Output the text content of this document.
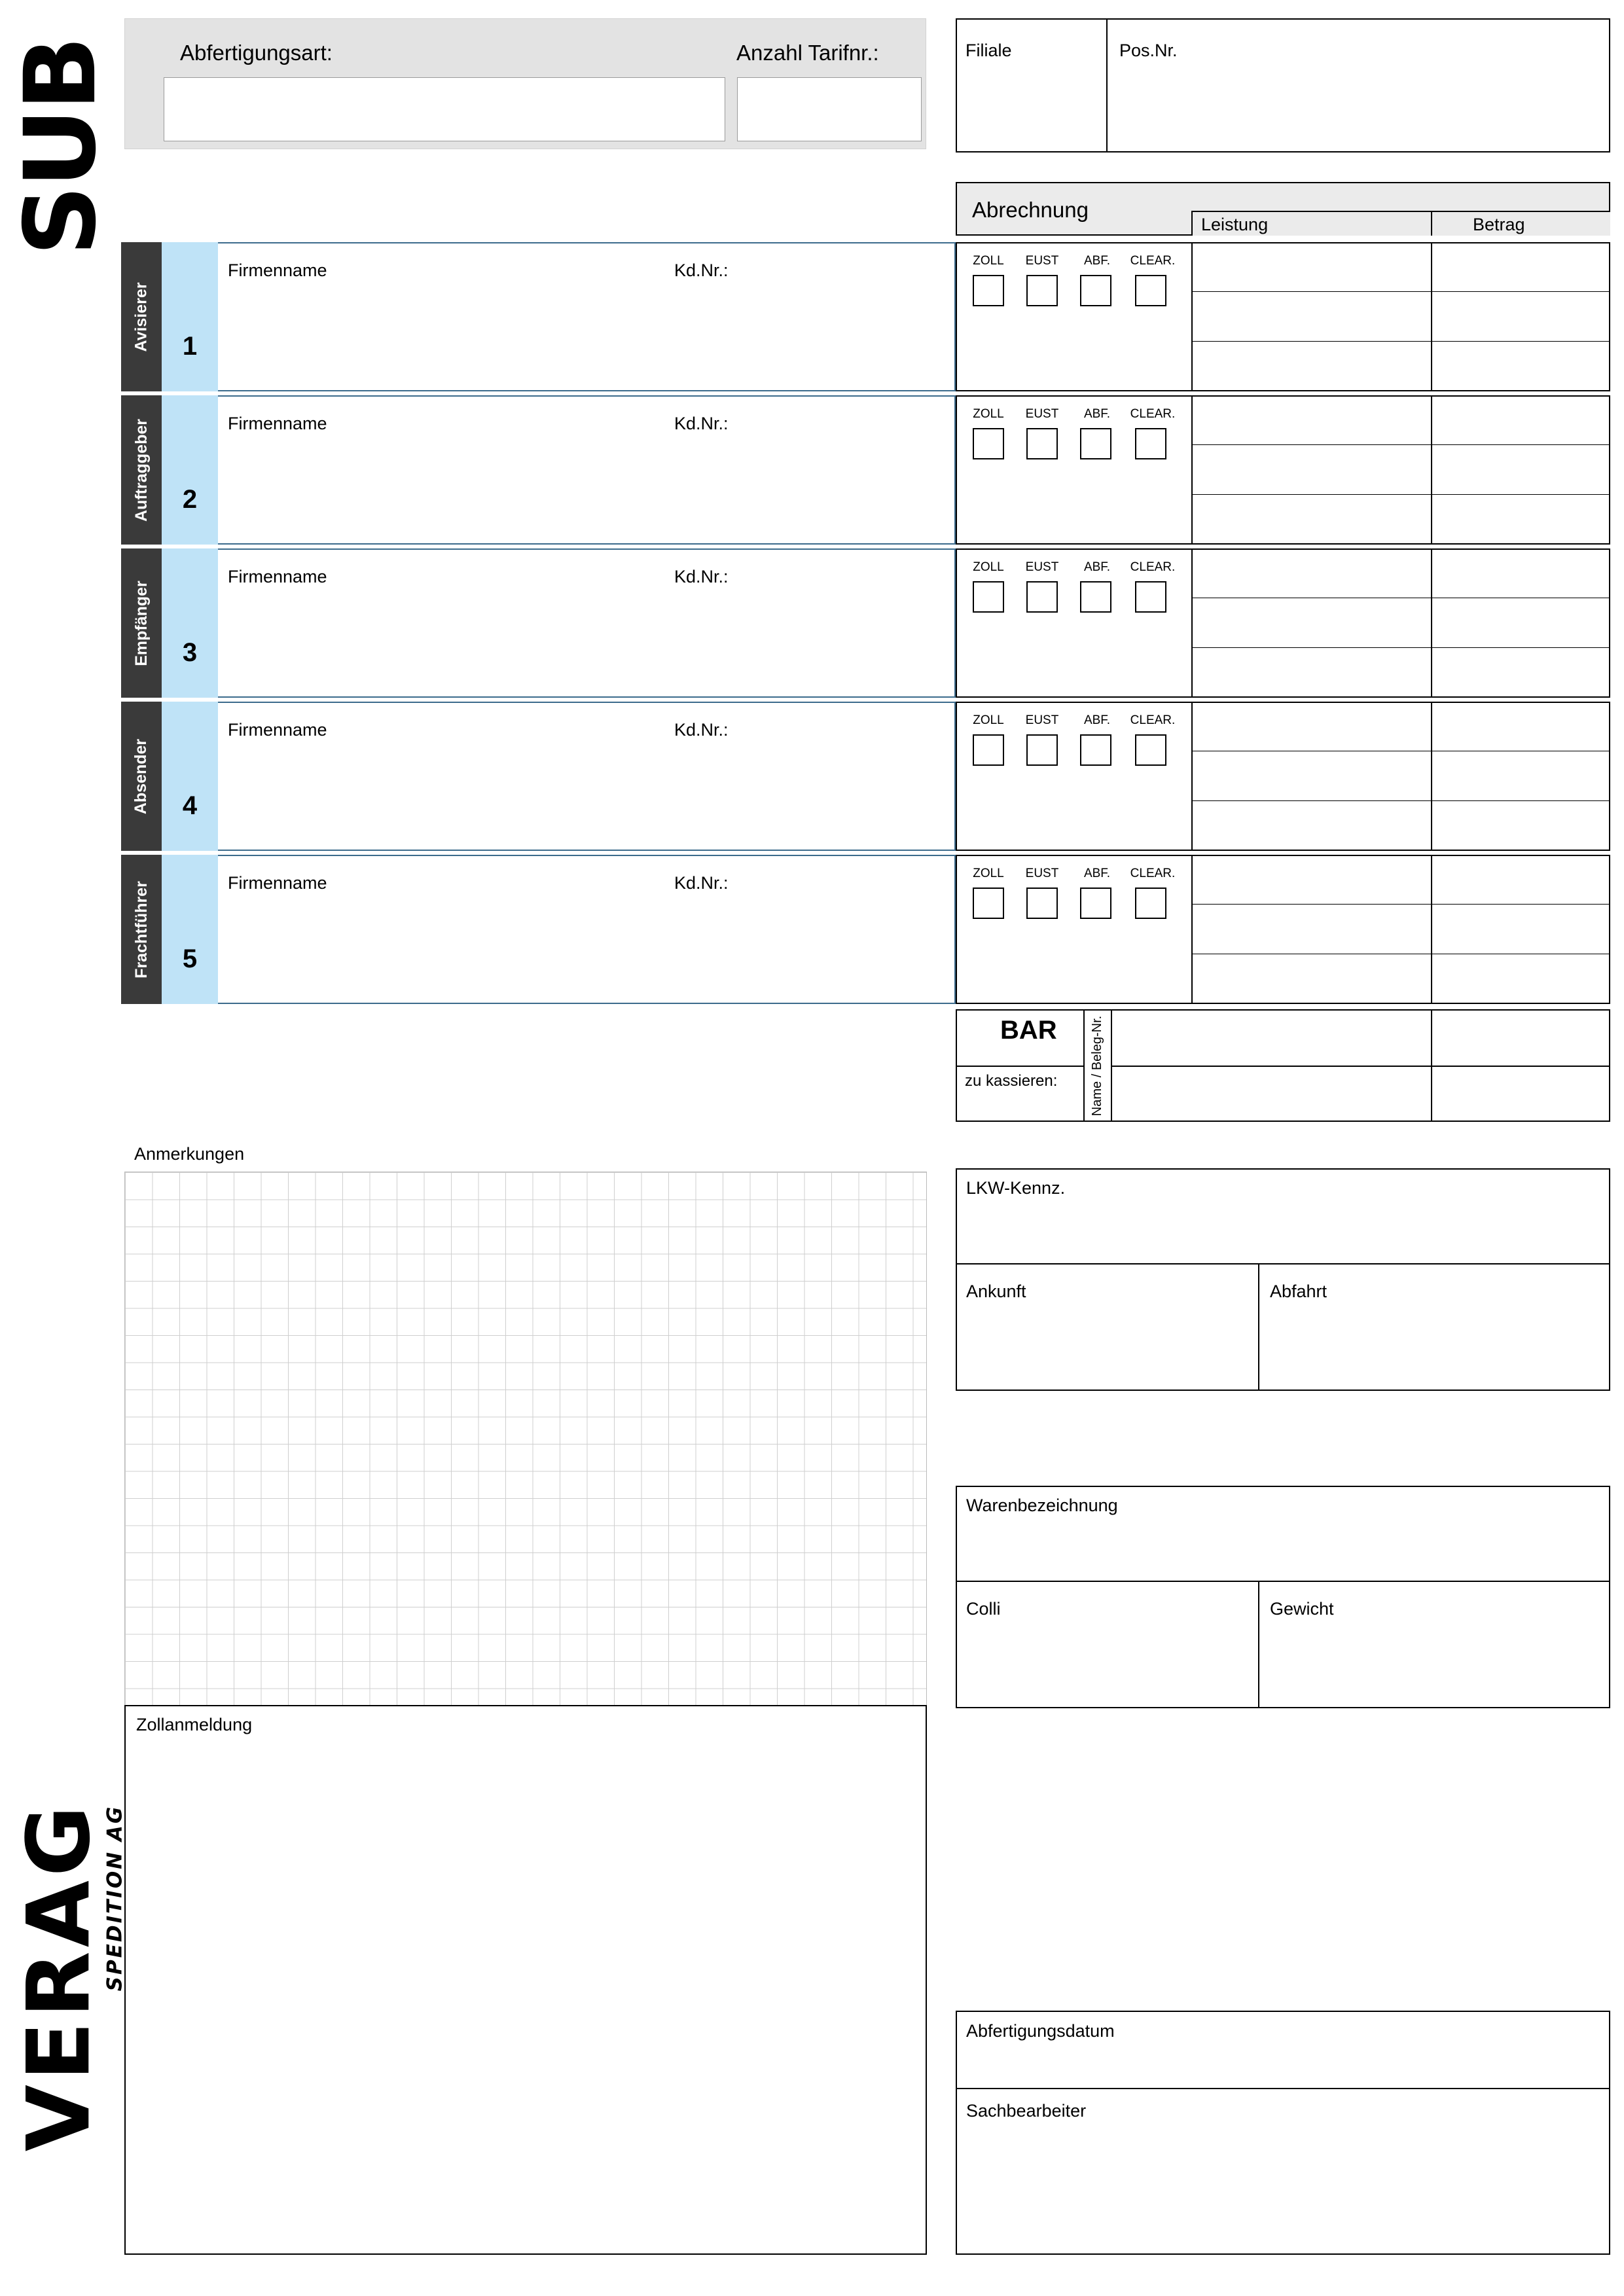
SUB	Abfertigungsart:	Anzahl Tarifnr.:	Filiale	Pos.Nr.
Abrechnung
Leistung	Betrag
Avisierer	1
Firmenname	Kd.Nr.:
Auftraggeber	2
Firmenname	Kd.Nr.:
Empfänger	3
Firmenname	Kd.Nr.:
Absender	4
Firmenname	Kd.Nr.:
Frachtführer	5
Firmenname	Kd.Nr.:
ZOLL	EUST	ABF.	CLEAR.
ZOLL	EUST	ABF.	CLEAR.
ZOLL	EUST	ABF.	CLEAR.
ZOLL	EUST	ABF.	CLEAR.
ZOLL	EUST	ABF.	CLEAR.
BAR
zu kassieren:	Name / Beleg-Nr.
Anmerkungen
Zollanmeldung
LKW-Kennz.
Ankunft	Abfahrt
Warenbezeichnung
Colli	Gewicht
Abfertigungsdatum
Sachbearbeiter
VERAG
SPEDITION AG
